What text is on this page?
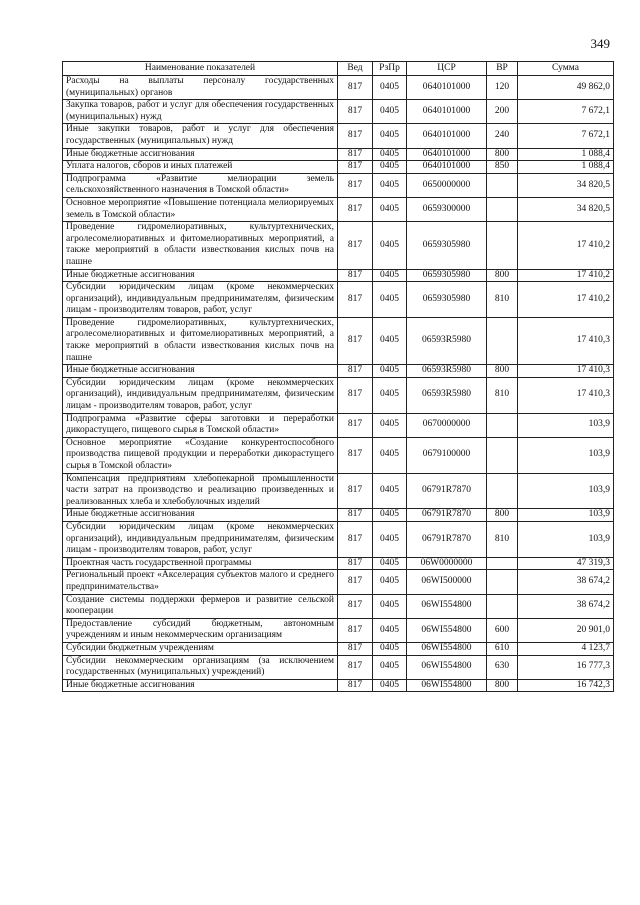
349
Наименование показателей	Вед	РзПр	ЦСР	ВР	Сумма
Расходы на выплаты персоналу государственных (муниципальных) органов	817	0405	0640101000	120	49 862,0
Закупка товаров, работ и услуг для обеспечения государственных (муниципальных) нужд	817	0405	0640101000	200	7 672,1
Иные закупки товаров, работ и услуг для обеспечения государственных (муниципальных) нужд	817	0405	0640101000	240	7 672,1
Иные бюджетные ассигнования	817	0405	0640101000	800	1 088,4
Уплата налогов, сборов и иных платежей	817	0405	0640101000	850	1 088,4
Подпрограмма «Развитие мелиорации земель сельскохозяйственного назначения в Томской области»	817	0405	0650000000		34 820,5
Основное мероприятие «Повышение потенциала мелиорируемых земель в Томской области»	817	0405	0659300000		34 820,5
Проведение гидромелиоративных, культуртехнических, агролесомелиоративных и фитомелиоративных мероприятий, а также мероприятий в области известкования кислых почв на пашне	817	0405	0659305980		17 410,2
Иные бюджетные ассигнования	817	0405	0659305980	800	17 410,2
Субсидии юридическим лицам (кроме некоммерческих организаций), индивидуальным предпринимателям, физическим лицам - производителям товаров, работ, услуг	817	0405	0659305980	810	17 410,2
Проведение гидромелиоративных, культуртехнических, агролесомелиоративных и фитомелиоративных мероприятий, а также мероприятий в области известкования кислых почв на пашне	817	0405	06593R5980		17 410,3
Иные бюджетные ассигнования	817	0405	06593R5980	800	17 410,3
Субсидии юридическим лицам (кроме некоммерческих организаций), индивидуальным предпринимателям, физическим лицам - производителям товаров, работ, услуг	817	0405	06593R5980	810	17 410,3
Подпрограмма «Развитие сферы заготовки и переработки дикорастущего, пищевого сырья в Томской области»	817	0405	0670000000		103,9
Основное мероприятие «Создание конкурентоспособного производства пищевой продукции и переработки дикорастущего сырья в Томской области»	817	0405	0679100000		103,9
Компенсация предприятиям хлебопекарной промышленности части затрат на производство и реализацию произведенных и реализованных хлеба и хлебобулочных изделий	817	0405	06791R7870		103,9
Иные бюджетные ассигнования	817	0405	06791R7870	800	103,9
Субсидии юридическим лицам (кроме некоммерческих организаций), индивидуальным предпринимателям, физическим лицам - производителям товаров, работ, услуг	817	0405	06791R7870	810	103,9
Проектная часть государственной программы	817	0405	06W0000000		47 319,3
Региональный проект «Акселерация субъектов малого и среднего предпринимательства»	817	0405	06WI500000		38 674,2
Создание системы поддержки фермеров и развитие сельской кооперации	817	0405	06WI554800		38 674,2
Предоставление субсидий бюджетным, автономным учреждениям и иным некоммерческим организациям	817	0405	06WI554800	600	20 901,0
Субсидии бюджетным учреждениям	817	0405	06WI554800	610	4 123,7
Субсидии некоммерческим организациям (за исключением государственных (муниципальных) учреждений)	817	0405	06WI554800	630	16 777,3
Иные бюджетные ассигнования	817	0405	06WI554800	800	16 742,3
